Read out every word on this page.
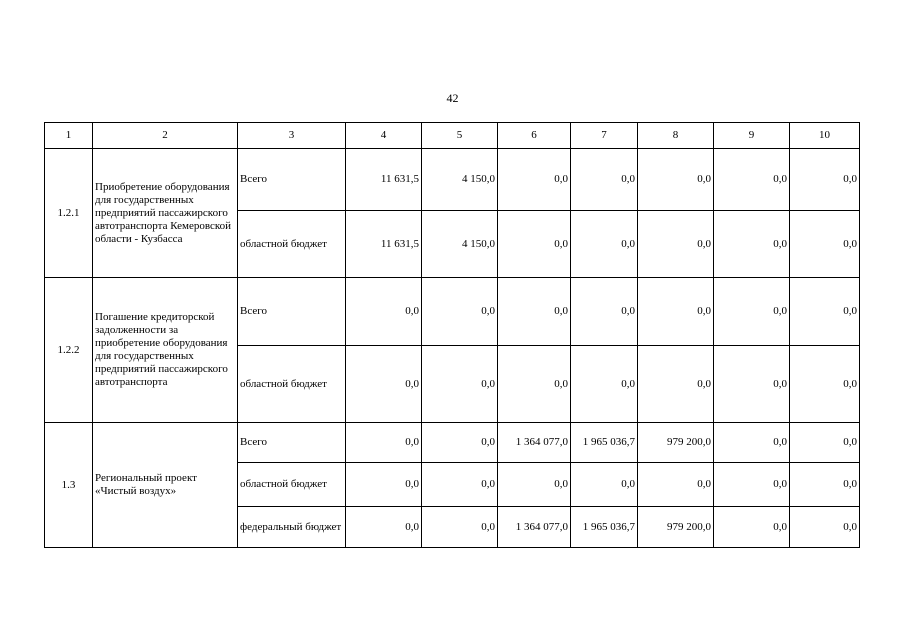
42
1	2	3	4	5	6	7	8	9	10
1.2.1	Приобретение оборудования для государственных предприятий пассажирского автотранспорта Кемеровской области - Кузбасса	Всего	11 631,5	4 150,0	0,0	0,0	0,0	0,0	0,0
		областной бюджет	11 631,5	4 150,0	0,0	0,0	0,0	0,0	0,0
1.2.2	Погашение кредиторской задолженности за приобретение оборудования для государственных предприятий пассажирского автотранспорта	Всего	0,0	0,0	0,0	0,0	0,0	0,0	0,0
		областной бюджет	0,0	0,0	0,0	0,0	0,0	0,0	0,0
1.3	Региональный проект «Чистый воздух»	Всего	0,0	0,0	1 364 077,0	1 965 036,7	979 200,0	0,0	0,0
		областной бюджет	0,0	0,0	0,0	0,0	0,0	0,0	0,0
		федеральный бюджет	0,0	0,0	1 364 077,0	1 965 036,7	979 200,0	0,0	0,0
